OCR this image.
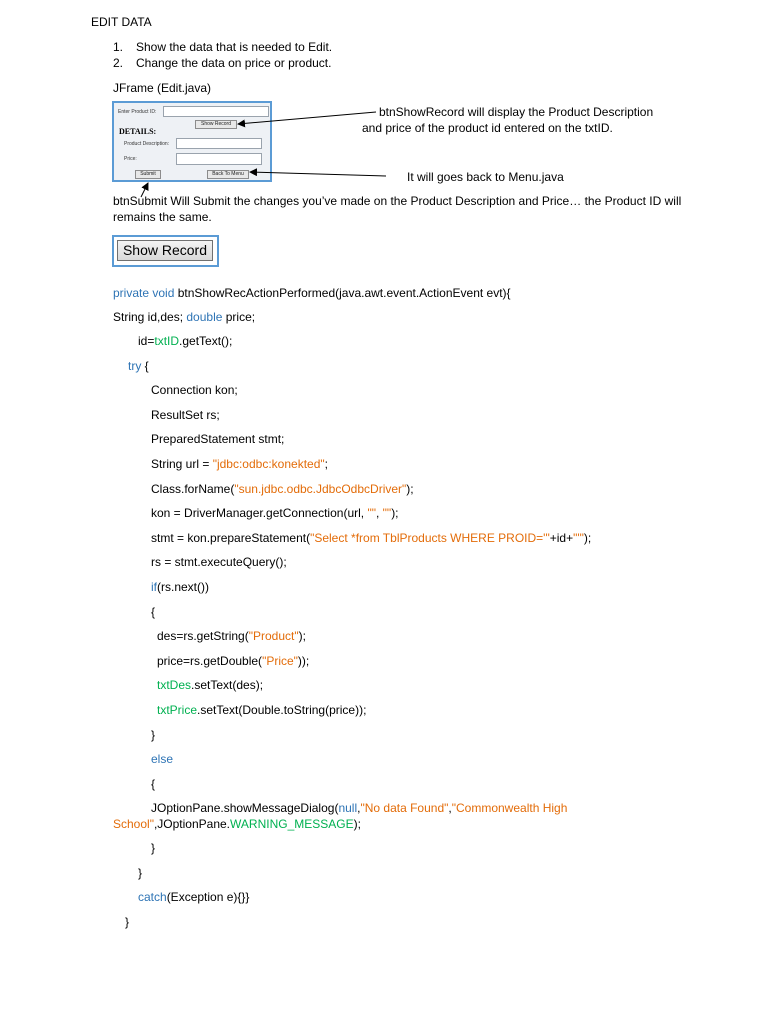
EDIT DATA
1. Show the data that is needed to Edit.
2. Change the data on price or product.
JFrame (Edit.java)
Enter Product ID:
Show Record
DETAILS:
Product Description:
Price:
Submit	Back To Menu
btnShowRecord will display the Product Description
and price of the product id entered on the txtID.
It will goes back to Menu.java
btnSubmit Will Submit the changes you’ve made on the Product Description and Price… the Product ID will
remains the same.
Show Record
private void btnShowRecActionPerformed(java.awt.event.ActionEvent evt){
String id,des; double price;
id=txtID.getText();
try {
Connection kon;
ResultSet rs;
PreparedStatement stmt;
String url = "jdbc:odbc:konekted";
Class.forName("sun.jdbc.odbc.JdbcOdbcDriver");
kon = DriverManager.getConnection(url, "", "");
stmt = kon.prepareStatement("Select *from TblProducts WHERE PROID='"+id+"'");
rs = stmt.executeQuery();
if(rs.next())
{
des=rs.getString("Product");
price=rs.getDouble("Price"));
txtDes.setText(des);
txtPrice.setText(Double.toString(price));
}
else
{
JOptionPane.showMessageDialog(null,"No data Found","Commonwealth High
School",JOptionPane.WARNING_MESSAGE);
}
}
catch(Exception e){}}
}
